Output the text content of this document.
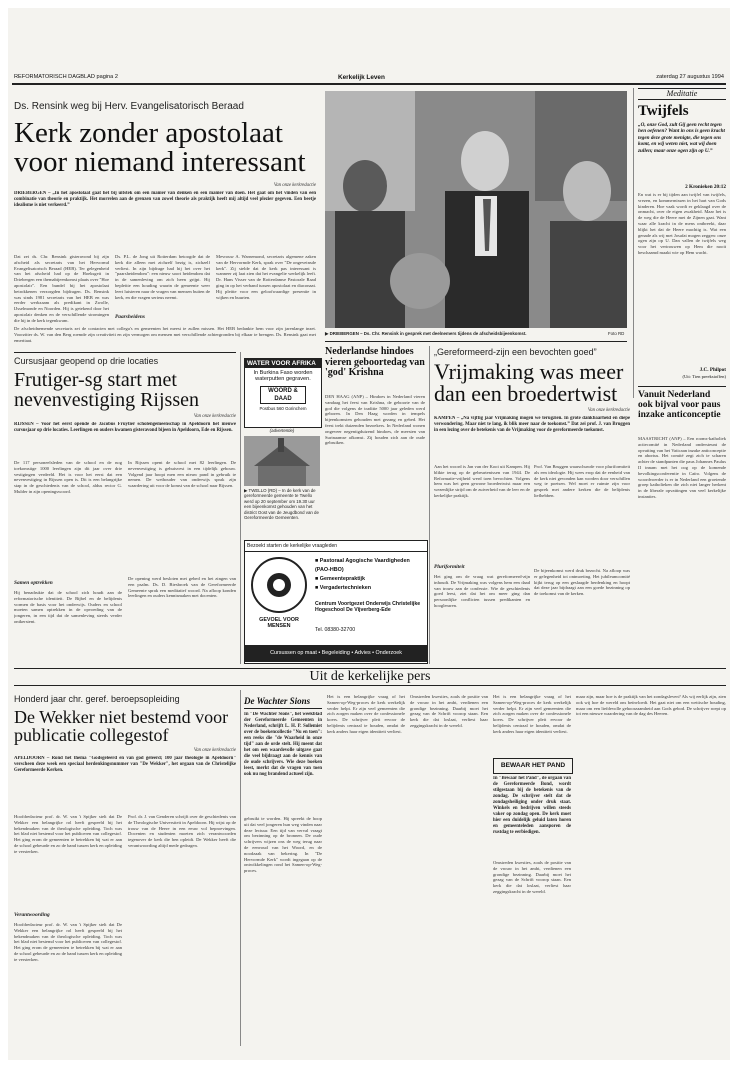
REFORMATORISCH DAGBLAD pagina 2	Kerkelijk Leven	zaterdag 27 augustus 1994
Ds. Rensink weg bij Herv. Evangelisatorisch Beraad
Kerk zonder apostolaat voor niemand interessant
Van onze kerkredactie
DRIEBERGEN – „In het apostolaat gaat het bij uitstek om een manier van denken en een manier van doen. Het gaat om het vinden van een combinatie van theorie en praktijk. Het morrelen aan de grenzen van zowel theorie als praktijk heeft mij altijd veel plezier gegeven. Een beetje idealisme is niet verkeerd.”
Dat zei ds. Chr. Rensink gisteravond bij zijn afscheid als secretaris van het Hervormd Evangelisatorisch Beraad (HEB). Ter gelegenheid van het afscheid had op de Hoeksgeit in Driebergen een themabijeenkomst plaats over "Hoe apostolair". Een bundel bij het apostolaat betrokkenen verzorgden bijdragen. Ds. Rensink was sinds 1981 secretaris van het HEB en was eerder werkzaam als predikant in Zwolle, IJsselmonde en Noorden. Hij is getekend door het apostolair denken en de verschillende stromingen die hij in de kerk tegenkwam.
Ds. P.L. de Jong uit Rotterdam betoogde dat de kerk die alleen met zichzelf bezig is, zichzelf verliest. In zijn bijdrage had hij het over het "paarsheidendom": een nieuw soort heidendom dat in de samenleving om zich heen grijpt. Hij bepleitte een houding waarin de gemeente weer leert luisteren naar de vragen van mensen buiten de kerk, en die vragen serieus neemt.
Mevrouw A. Warnemond, secretaris algemene zaken van de Hervormde Kerk, sprak over "De ongeveinsde kerk". Zij stelde dat de kerk pas interessant is wanneer zij laat zien dat het evangelie werkelijk leeft. Dr. Hans Visser van de Rotterdamse Pastorale Raad ging in op het verband tussen apostolaat en diaconaat. Hij pleitte voor een geloofwaardige presentie in wijken en buurten.
Paarsheidens
De afscheidnemende secretaris zei de contacten met collega's en gemeenten het meest te zullen missen. Het HEB bedankte hem voor zijn jarenlange inzet. Voorzitter ds. W. van den Berg roemde zijn creativiteit en zijn vermogen om mensen met verschillende achtergronden bij elkaar te brengen. Ds. Rensink gaat met emeritaat.
▶ DRIEBERGEN – Ds. Chr. Rensink in gesprek met deelnemers tijdens de afscheidsbijeenkomst.	Foto RD
Meditatie
Twijfels
„O, onze God, zult Gij geen recht tegen hen oefenen? Want in ons is geen kracht tegen deze grote menigte, die tegen ons komt, en wij weten niet, wat wij doen zullen; maar onze ogen zijn op U.”
2 Kronieken 20:12
En wat is er bij tijden aan twijfel van twijfels, vrezen, en kommernissen in het hart van Gods kinderen. Hoe vaak wordt er geklaagd over de onmacht, over de eigen zwakheid. Maar het is de weg die de Heere met de Zijnen gaat. Want waar alle kracht in de mens ontbreekt, daar blijkt het dat de Heere machtig is. Wat een genade als wij met Josafat mogen zeggen: onze ogen zijn op U. Dan vallen de twijfels weg voor het vertrouwen op Hem die nooit beschaamd maakt wie op Hem wacht.
J.C. Philpot
(Uit: Tien preekstoffen)
Vanuit Nederland ook bijval voor paus inzake anticonceptie
MAASTRICHT (ANP) – Een rooms-katholiek actiecomité in Nederland ondersteunt de opvatting van het Vaticaan inzake anticonceptie en abortus. Het comité zegt zich te scharen achter de standpunten die paus Johannes Paulus II innam met het oog op de komende bevolkingsconferentie in Caïro. Volgens de woordvoerder is er in Nederland een groeiende groep katholieken die zich niet langer herkent in de liberale opvattingen van veel kerkelijke instanties.
Nederlandse hindoes vieren geboortedag van 'god' Krishna
DEN HAAG (ANP) – Hindoes in Nederland vieren vandaag het feest van Krishna, de geboorte van de god die volgens de traditie 5000 jaar geleden werd geboren. In Den Haag worden in tempels bijeenkomsten gehouden met gezang en gebed. Het feest trekt duizenden bezoekers. In Nederland wonen ongeveer negentigduizend hindoes, de meesten van Surinaamse afkomst. Zij houden zich aan de oude gebruiken.
„Gereformeerd-zijn een bevochten goed”
Vrijmaking was meer dan een broedertwist
Van onze kerkredactie
KAMPEN – „Na vijftig jaar Vrijmaking mogen we terugzien. In grote dankbaarheid en diepe verwondering. Maar niet te lang, ik blik meer naar de toekomst.” Dat zei prof. J. van Bruggen in een lezing over de betekenis van de Vrijmaking voor de gereformeerde toekomst.
Aan het woord is Jan van der Kooi uit Kampen. Hij blikte terug op de gebeurtenissen van 1944. De Reformatie-vrijheid werd toen bevochten. Volgens hem was het geen gewone broedertwist maar een wezenlijke strijd om de zuiverheid van de leer en de kerkelijke praktijk.
Pluriformiteit
Het ging om de vraag wat gereformeerd-zijn inhoudt. De Vrijmaking was volgens hem een daad van trouw aan de confessie. Wie de geschiedenis goed leest, ziet dat het om meer ging dan persoonlijke conflicten tussen predikanten en hoogleraren.
Prof. Van Bruggen waarschuwde voor pluriformiteit als een ideologie. Hij wees erop dat de eenheid van de kerk niet gevonden kan worden door verschillen weg te poetsen. Wel moet er ruimte zijn voor gesprek met andere kerken die de belijdenis liefhebben.
De bijeenkomst werd druk bezocht. Na afloop was er gelegenheid tot ontmoeting. Het jubileumcomité kijkt terug op een geslaagde herdenking en hoopt dat deze jaar bijdraagt aan een goede bezinning op de toekomst van de kerken.
Cursusjaar geopend op drie locaties
Frutiger-sg start met nevenvestiging Rijssen
Van onze kerkredactie
RIJSSEN – Voor het eerst opende de Jacobus Fruytier scholengemeenschap in Apeldoorn het nieuwe cursusjaar op drie locaties. Leerlingen en ouders kwamen gisteravond bijeen in Apeldoorn, Ede en Rijssen.
De 117 personeelsleden van de school en de nog toekomstige 1000 leerlingen zijn dit jaar over drie vestigingen verdeeld. Het is voor het eerst dat een nevenvestiging in Rijssen open is. Dit is een belangrijke stap in de geschiedenis van de school, aldus rector G. Mulder in zijn openingswoord.
Samen optrekken
Hij benadrukte dat de school zich houdt aan de reformatorische identiteit. De Bijbel en de belijdenis vormen de basis voor het onderwijs. Ouders en school moeten samen optrekken in de opvoeding van de jongeren, in een tijd dat de samenleving steeds verder ontkerstent.
In Rijssen opent de school met 82 leerlingen. De nevenvestiging is gehuisvest in een tijdelijk gebouw. Volgend jaar hoopt men een nieuw pand in gebruik te nemen. De wethouder van onderwijs sprak zijn waardering uit voor de komst van de school naar Rijssen.
De opening werd besloten met gebed en het zingen van een psalm. Ds. D. Biesbroek van de Gereformeerde Gemeente sprak een meditatief woord. Na afloop konden leerlingen en ouders kennismaken met docenten.
WATER VOOR AFRIKA
In Burkina Faso worden waterputten gegraven.
WOORD & DAAD
Postbus 560 Gorinchem
(advertentie)
▶ TWELLO (RD) – In de kerk van de gereformeerde gemeente te Twello werd op 20 september om 19.30 uur een bijeenkomst gehouden van het district Oost van de Jeugdbond van de Gereformeerde Gemeenten.
Bezoekt starten de kerkelijke vraagleden
GEVOEL VOOR MENSEN
■ Pastoraal Agogische Vaardigheden (PAO-HBO)
■ Gemeentepraktijk
■ Vergadertechnieken
Centrum Voortgezet Onderwijs Christelijke Hogeschool De Vijverberg-Ede
Tel. 08380-32700
Cursussen op maat • Begeleiding • Advies • Onderzoek
Uit de kerkelijke pers
Honderd jaar chr. geref. beroepsopleiding
De Wekker niet bestemd voor publicatie collegestof
Van onze kerkredactie
APELDOORN – Rond het thema "Godsgeleerd en van god geleerd; 100 jaar theologie in Apeldoorn" verscheen deze week een speciaal herdenkingsnummer van "De Wekker", het orgaan van de Christelijke Gereformeerde Kerken.
Hoofdredacteur prof. dr. W. van 't Spijker stelt dat De Wekker een belangrijke rol heeft gespeeld bij het bekendmaken van de theologische opleiding. Toch was het blad niet bestemd voor het publiceren van collegestof. Het ging erom de gemeenten te betrekken bij wat er aan de school gebeurde en zo de band tussen kerk en opleiding te versterken.
Verantwoording
Prof. dr. J. van Genderen schrijft over de geschiedenis van de Theologische Universiteit in Apeldoorn. Hij wijst op de trouw van de Heere in een eeuw vol beproevingen. Docenten en studenten moeten zich verantwoorden tegenover de kerk die hen opleidt. De Wekker heeft die verantwoording altijd mede gedragen.
Hoofdredacteur prof. dr. W. van 't Spijker stelt dat De Wekker een belangrijke rol heeft gespeeld bij het bekendmaken van de theologische opleiding. Toch was het blad niet bestemd voor het publiceren van collegestof. Het ging erom de gemeenten te betrekken bij wat er aan de school gebeurde en zo de band tussen kerk en opleiding te versterken.
De Wachter Sions
In "De Wachter Sions", het weekblad der Gereformeerde Gemeenten in Nederland, schrijft L. H. P. Sollemiet over de boekencollectie "Nu en toen": een reeks die "de Waarheid in onze tijd" aan de orde stelt. Hij meent dat het om een waardevolle uitgave gaat die veel bijdraagt aan de kennis van de oude schrijvers. Wie deze boeken leest, merkt dat de vragen van toen ook nu nog brandend actueel zijn.
gebruikt te worden. Hij spreekt de hoop uit dat veel jongeren hun weg vinden naar deze lectuur. Een tijd van verval vraagt om bezinning op de bronnen. De oude schrijvers wijzen ons de weg terug naar de eenvoud van het Woord, en de noodzaak van bekering. In "De Hervormde Kerk" wordt ingegaan op de ontwikkelingen rond het Samen-op-Weg-proces.
Het is een belangrijke vraag of het Samen-op-Weg-proces de kerk werkelijk verder helpt. Er zijn veel gemeenten die zich zorgen maken over de confessionele koers. De schrijver pleit ervoor de belijdenis centraal te houden, omdat de kerk anders haar eigen identiteit verliest.
Omstreden kwesties, zoals de positie van de vrouw in het ambt, verdienen een grondige bezinning. Daarbij moet het gezag van de Schrift voorop staan. Een kerk die dat loslaat, verliest haar zeggingskracht in de wereld.
Het is een belangrijke vraag of het Samen-op-Weg-proces de kerk werkelijk verder helpt. Er zijn veel gemeenten die zich zorgen maken over de confessionele koers. De schrijver pleit ervoor de belijdenis centraal te houden, omdat de kerk anders haar eigen identiteit verliest.
BEWAAR HET PAND
In "Bewaar het Pand", de orgaan van de Gereformeerde Bond, wordt stilgestaan bij de betekenis van de zondag. De schrijver stelt dat de zondagsheiliging onder druk staat. Winkels en bedrijven willen steeds vaker op zondag open. De kerk moet hier een duidelijk geluid laten horen en gemeenteleden aansporen de rustdag te eerbiedigen.
Omstreden kwesties, zoals de positie van de vrouw in het ambt, verdienen een grondige bezinning. Daarbij moet het gezag van de Schrift voorop staan. Een kerk die dat loslaat, verliest haar zeggingskracht in de wereld.
maar zijn, maar hoe is de praktijk van het zondagsleven? Als wij eerlijk zijn, zien ook wij hoe de wereld ons beïnvloedt. Het gaat niet om een wettische houding, maar om een liefdevolle gehoorzaamheid aan Gods gebod. De schrijver roept op tot een nieuwe waardering van de dag des Heeren.
